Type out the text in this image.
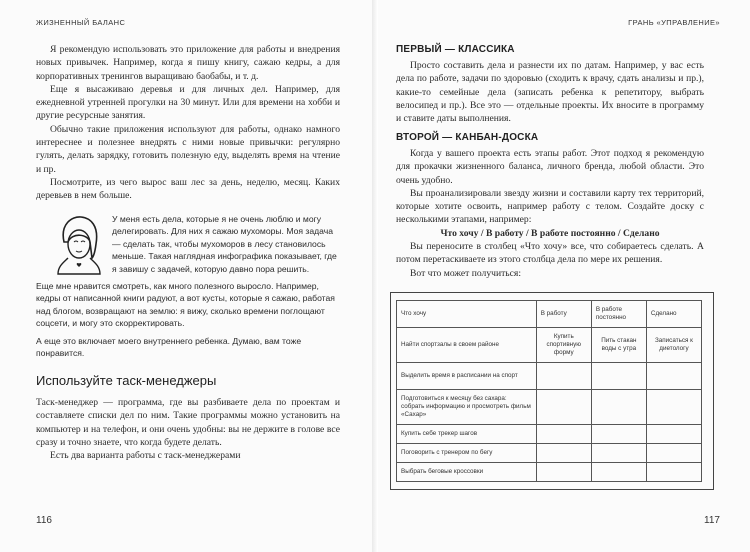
ЖИЗНЕННЫЙ БАЛАНС

Я рекомендую использовать это приложение для работы и внедрения новых привычек. Например, когда я пишу книгу, сажаю кедры, а для корпоративных тренингов выращиваю баобабы, и т. д.

Еще я высаживаю деревья и для личных дел. Например, для ежедневной утренней прогулки на 30 минут. Или для времени на хобби и другие ресурсные занятия.

Обычно такие приложения используют для работы, однако намного интереснее и полезнее внедрять с ними новые привычки: регулярно гулять, делать зарядку, готовить полезную еду, выделять время на чтение и пр.

Посмотрите, из чего вырос ваш лес за день, неделю, месяц. Каких деревьев в нем больше.

У меня есть дела, которые я не очень люблю и могу делегировать. Для них я сажаю мухоморы. Моя задача — сделать так, чтобы мухоморов в лесу становилось меньше. Такая наглядная инфографика показывает, где я завишу с задачей, которую давно пора решить.

Еще мне нравится смотреть, как много полезного выросло. Например, кедры от написанной книги радуют, а вот кусты, которые я сажаю, работая над блогом, возвращают на землю: я вижу, сколько времени поглощают соцсети, и могу это скорректировать.

А еще это включает моего внутреннего ребенка. Думаю, вам тоже понравится.

Используйте таск-менеджеры

Таск-менеджер — программа, где вы разбиваете дела по проектам и составляете списки дел по ним. Такие программы можно установить на компьютер и на телефон, и они очень удобны: вы не держите в голове все сразу и точно знаете, что когда будете делать.

Есть два варианта работы с таск-менеджерами

116
ГРАНЬ «УПРАВЛЕНИЕ»
ПЕРВЫЙ — КЛАССИКА

Просто составить дела и разнести их по датам. Например, у вас есть дела по работе, задачи по здоровью (сходить к врачу, сдать анализы и пр.), какие-то семейные дела (записать ребенка к репетитору, выбрать велосипед и пр.). Все это — отдельные проекты. Их вносите в программу и ставите даты выполнения.

ВТОРОЙ — КАНБАН-ДОСКА

Когда у вашего проекта есть этапы работ. Этот подход я рекомендую для прокачки жизненного баланса, личного бренда, любой области. Это очень удобно.

Вы проанализировали звезду жизни и составили карту тех территорий, которые хотите освоить, например работу с телом. Создайте доску с несколькими этапами, например:

Что хочу / В работу / В работе постоянно / Сделано

Вы переносите в столбец «Что хочу» все, что собираетесь сделать. А потом перетаскиваете из этого столбца дела по мере их решения.

Вот что может получиться:

Что хочу	В работу	В работе постоянно	Сделано
Найти спортзалы в своем районе	Купить спортивную форму	Пить стакан воды с утра	Записаться к диетологу
Выделить время в расписании на спорт			
Подготовиться к месяцу без сахара: собрать информацию и просмотреть фильм «Сахар»			
Купить себе трекер шагов			
Поговорить с тренером по бегу			
Выбрать беговые кроссовки			
117
